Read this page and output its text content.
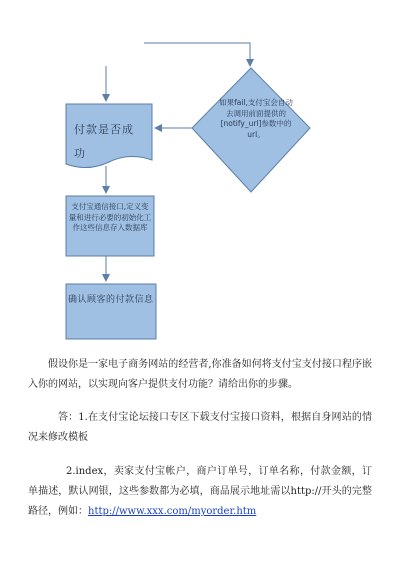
付款是否成功
如果fail,支付宝会自动去调用前面提供的[notify_url]参数中的url。
支付宝通信接口,定义变量和进行必要的初始化工作这些信息存入数据库
确认顾客的付款信息

假设你是一家电子商务网站的经营者,你准备如何将支付宝支付接口程序嵌入你的网站，以实现向客户提供支付功能？请给出你的步骤。

答：1.在支付宝论坛接口专区下载支付宝接口资料，根据自身网站的情况来修改模板

2.index，卖家支付宝帐户，商户订单号，订单名称，付款金额，订单描述，默认网银，这些参数都为必填，商品展示地址需以http://开头的完整路径，例如：http://www.xxx.com/myorder.htm
